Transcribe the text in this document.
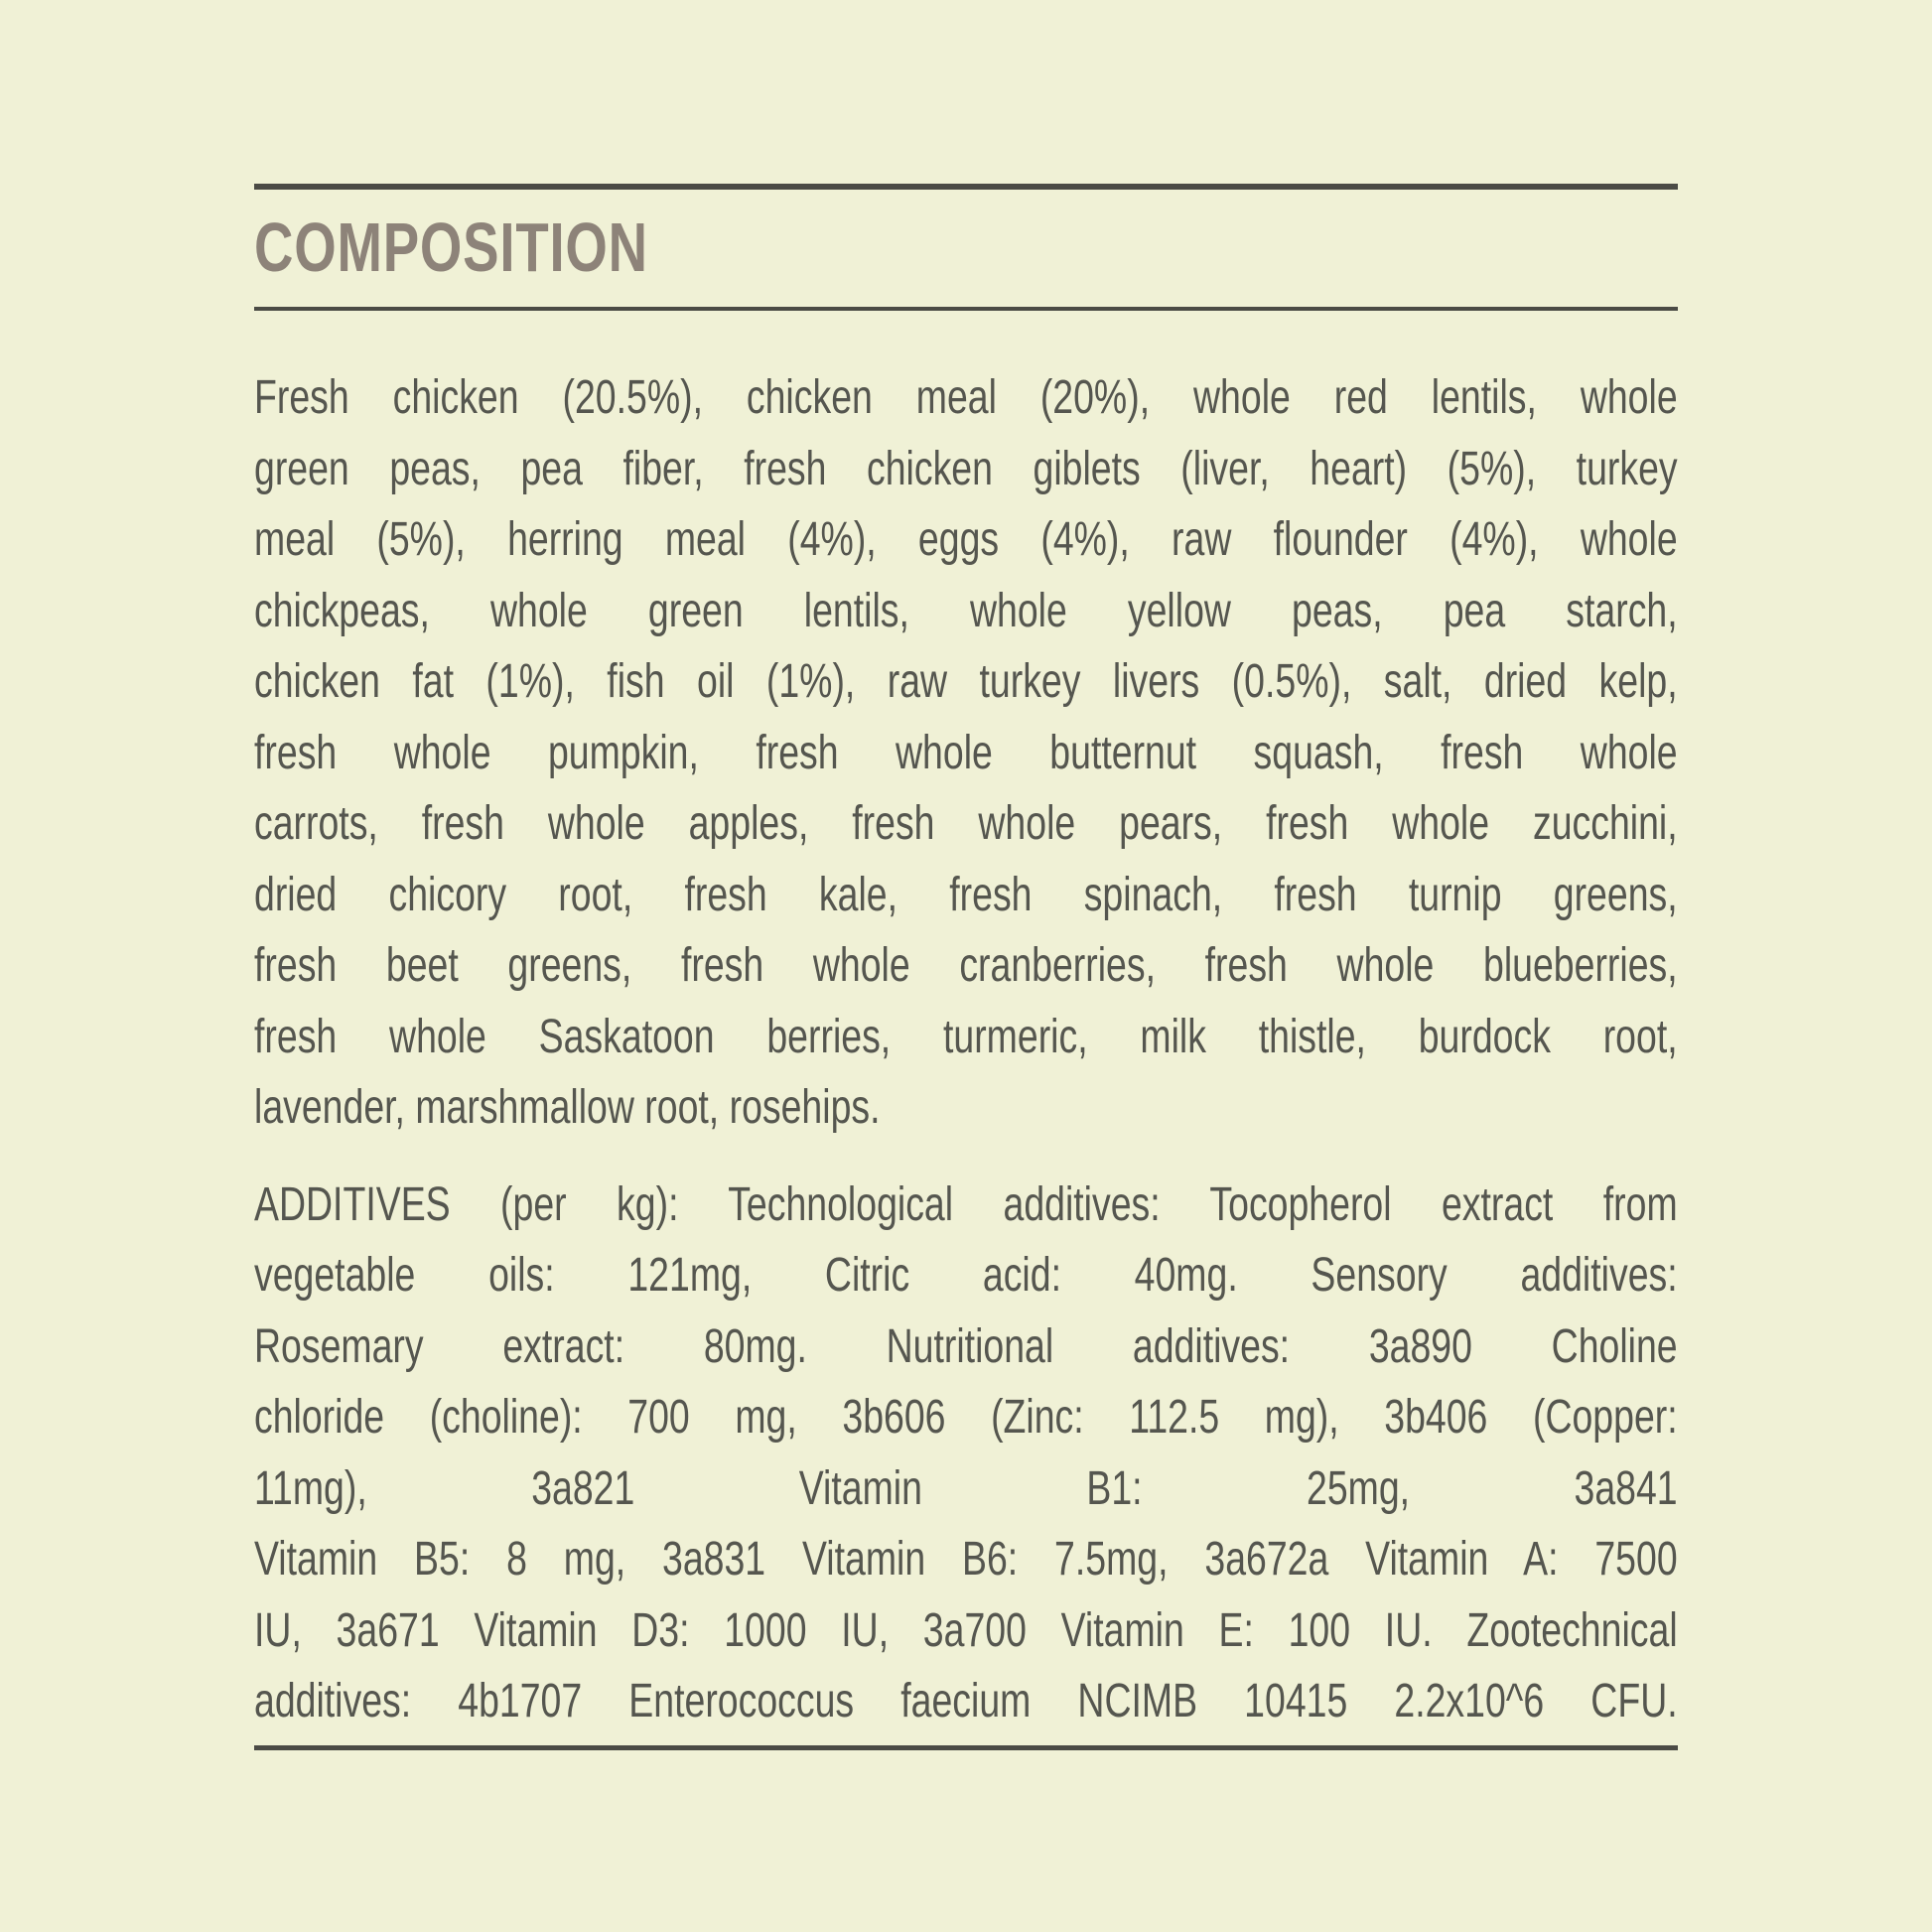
COMPOSITION
Fresh chicken (20.5%), chicken meal (20%), whole red lentils, whole
green peas, pea fiber, fresh chicken giblets (liver, heart) (5%), turkey
meal (5%), herring meal (4%), eggs (4%), raw flounder (4%), whole
chickpeas, whole green lentils, whole yellow peas, pea starch,
chicken fat (1%), fish oil (1%), raw turkey livers (0.5%), salt, dried kelp,
fresh whole pumpkin, fresh whole butternut squash, fresh whole
carrots, fresh whole apples, fresh whole pears, fresh whole zucchini,
dried chicory root, fresh kale, fresh spinach, fresh turnip greens,
fresh beet greens, fresh whole cranberries, fresh whole blueberries,
fresh whole Saskatoon berries, turmeric, milk thistle, burdock root,
lavender, marshmallow root, rosehips.
ADDITIVES (per kg): Technological additives: Tocopherol extract from
vegetable oils: 121mg, Citric acid: 40mg. Sensory additives:
Rosemary extract: 80mg. Nutritional additives: 3a890 Choline
chloride (choline): 700 mg, 3b606 (Zinc: 112.5 mg), 3b406 (Copper:
11mg), 3a821 Vitamin B1: 25mg, 3a841
Vitamin B5: 8 mg, 3a831 Vitamin B6: 7.5mg, 3a672a Vitamin A: 7500
IU, 3a671 Vitamin D3: 1000 IU, 3a700 Vitamin E: 100 IU. Zootechnical
additives: 4b1707 Enterococcus faecium NCIMB 10415 2.2x10^6 CFU.
